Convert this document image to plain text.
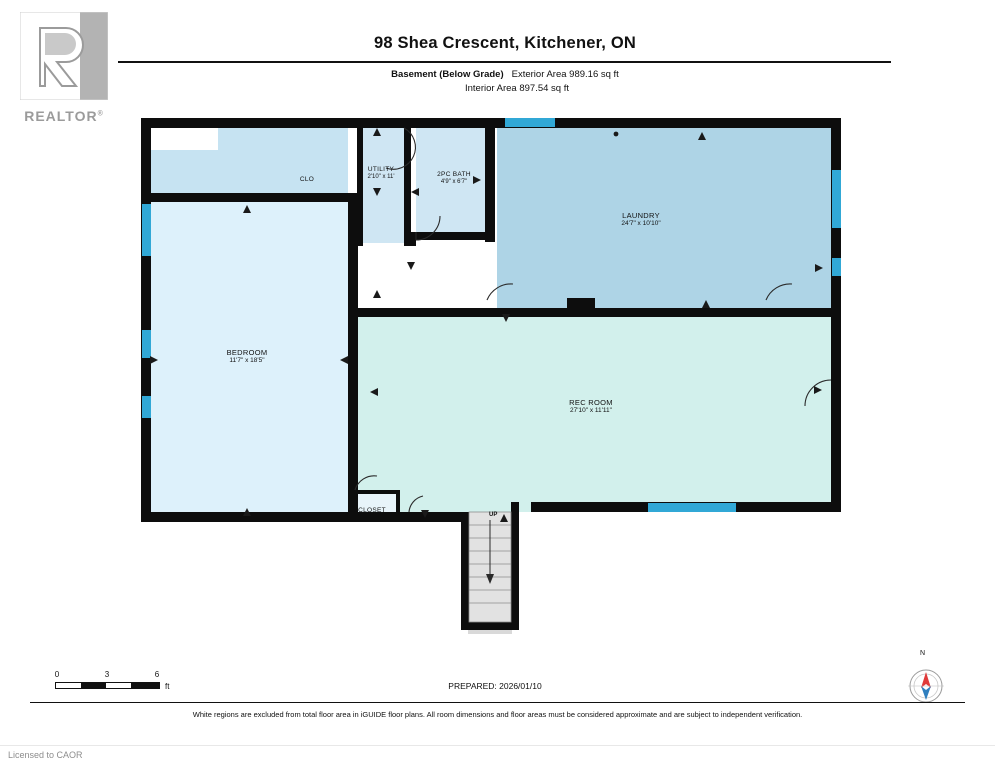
REALTOR®
98 Shea Crescent, Kitchener, ON
Basement (Below Grade) Exterior Area 989.16 sq ft
Interior Area 897.54 sq ft
CLO
UTILITY
2'10" x 11'	2PC BATH
4'9" x 6'7"
LAUNDRY
24'7" x 10'10"
BEDROOM
11'7" x 18'5"
REC ROOM
27'10" x 11'11"
CLOSET
UP
0	3	6
ft	PREPARED: 2026/01/10
N
White regions are excluded from total floor area in iGUIDE floor plans. All room dimensions and floor areas must be considered approximate and are subject to independent verification.
Licensed to CAOR
